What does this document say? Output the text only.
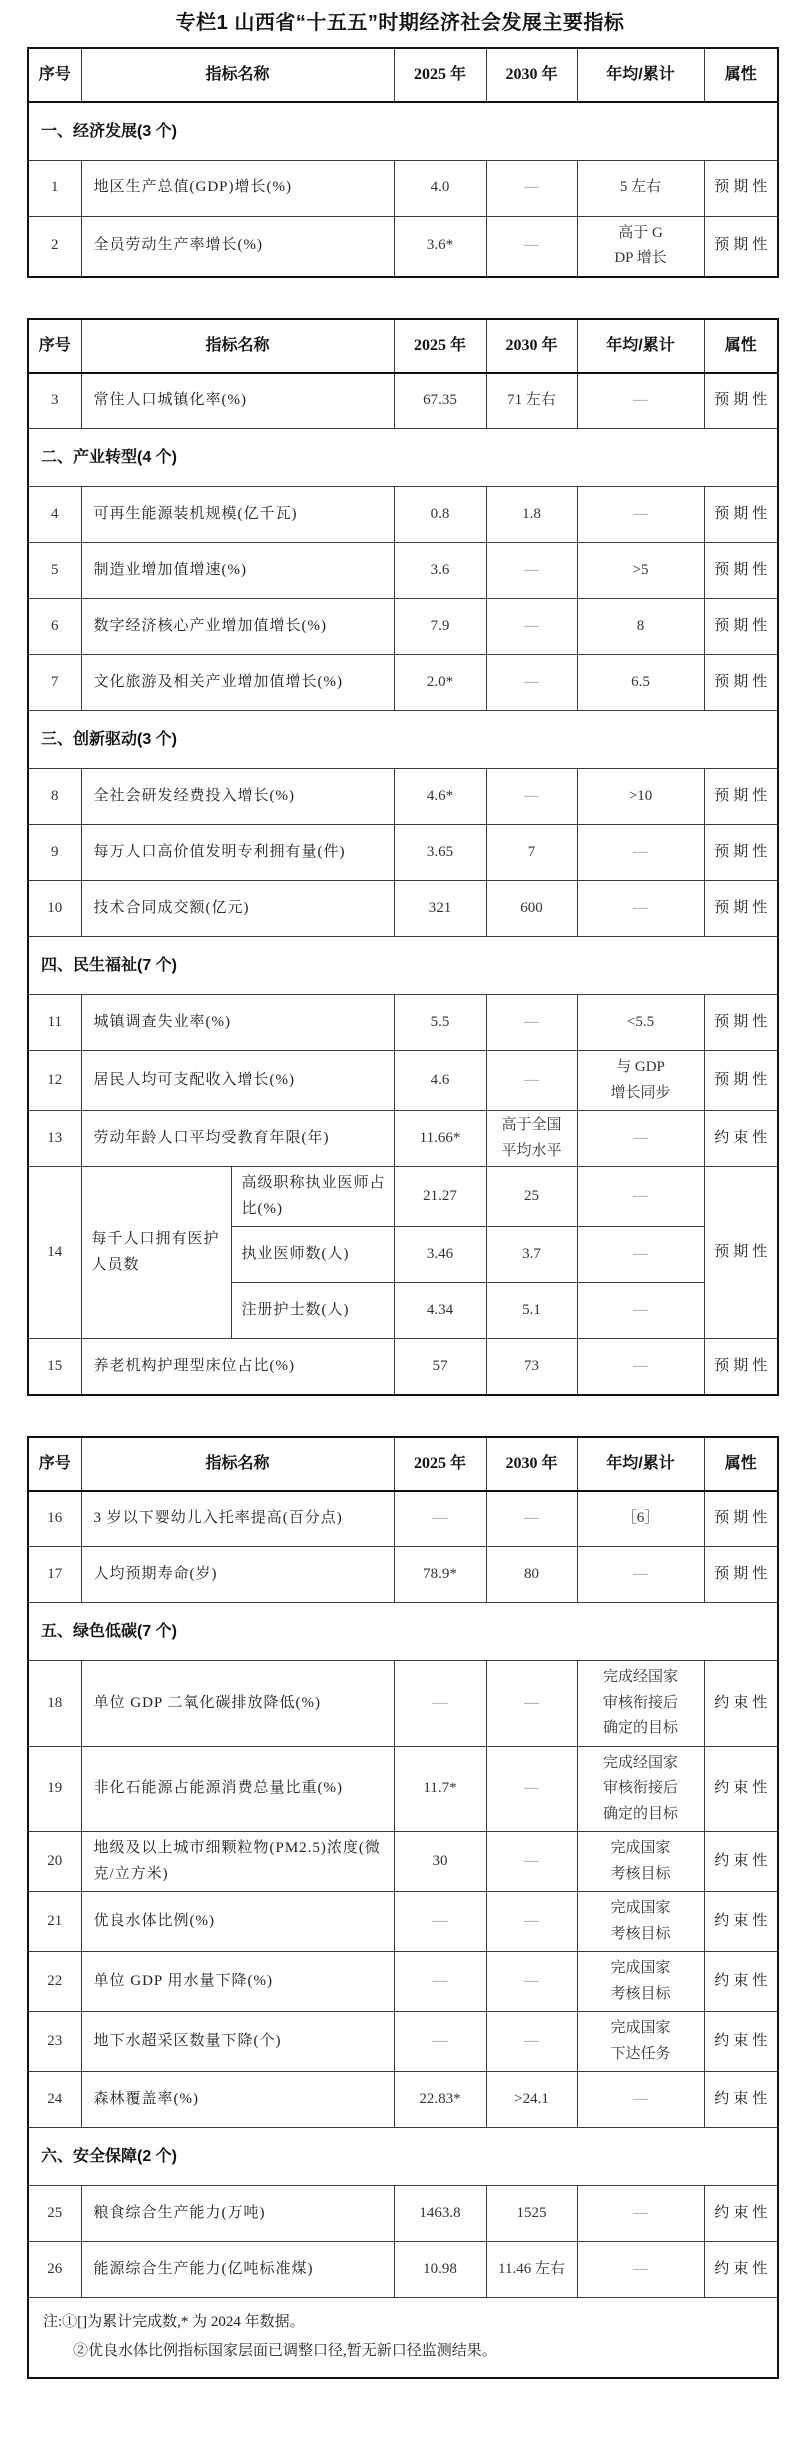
专栏1 山西省“十五五”时期经济社会发展主要指标
序号	指标名称	2025 年	2030 年	年均/累计	属性
一、经济发展(3 个)					
1	地区生产总值(GDP)增长(%)	4.0	—	5 左右	预期性
2	全员劳动生产率增长(%)	3.6*	—	高于 GDP 增长	预期性
序号	指标名称		2025 年	2030 年	年均/累计	属性
3	常住人口城镇化率(%)		67.35	71 左右	—	预期性
二、产业转型(4 个)						
4	可再生能源装机规模(亿千瓦)		0.8	1.8	—	预期性
5	制造业增加值增速(%)		3.6	—	>5	预期性
6	数字经济核心产业增加值增长(%)		7.9	—	8	预期性
7	文化旅游及相关产业增加值增长(%)		2.0*	—	6.5	预期性
三、创新驱动(3 个)						
8	全社会研发经费投入增长(%)		4.6*	—	>10	预期性
9	每万人口高价值发明专利拥有量(件)		3.65	7	—	预期性
10	技术合同成交额(亿元)		321	600	—	预期性
四、民生福祉(7 个)						
11	城镇调查失业率(%)		5.5	—	<5.5	预期性
12	居民人均可支配收入增长(%)		4.6	—	与 GDP 增长同步	预期性
13	劳动年龄人口平均受教育年限(年)		11.66*	高于全国平均水平	—	约束性
14	每千人口拥有医护人员数	高级职称执业医师占比(%)	21.27	25	—	预期性
		执业医师数(人)	3.46	3.7	—	
		注册护士数(人)	4.34	5.1	—	
15	养老机构护理型床位占比(%)		57	73	—	预期性
序号	指标名称	2025 年	2030 年	年均/累计	属性
16	3 岁以下婴幼儿入托率提高(百分点)	—	—	［6］	预期性
17	人均预期寿命(岁)	78.9*	80	—	预期性
五、绿色低碳(7 个)					
18	单位 GDP 二氧化碳排放降低(%)	—	—	完成经国家审核衔接后确定的目标	约束性
19	非化石能源占能源消费总量比重(%)	11.7*	—	完成经国家审核衔接后确定的目标	约束性
20	地级及以上城市细颗粒物(PM2.5)浓度(微克/立方米)	30	—	完成国家考核目标	约束性
21	优良水体比例(%)	—	—	完成国家考核目标	约束性
22	单位 GDP 用水量下降(%)	—	—	完成国家考核目标	约束性
23	地下水超采区数量下降(个)	—	—	完成国家下达任务	约束性
24	森林覆盖率(%)	22.83*	>24.1	—	约束性
六、安全保障(2 个)					
25	粮食综合生产能力(万吨)	1463.8	1525	—	约束性
26	能源综合生产能力(亿吨标准煤)	10.98	11.46 左右	—	约束性
注:①[]为累计完成数,* 为 2024 年数据。
②优良水体比例指标国家层面已调整口径,暂无新口径监测结果。					
